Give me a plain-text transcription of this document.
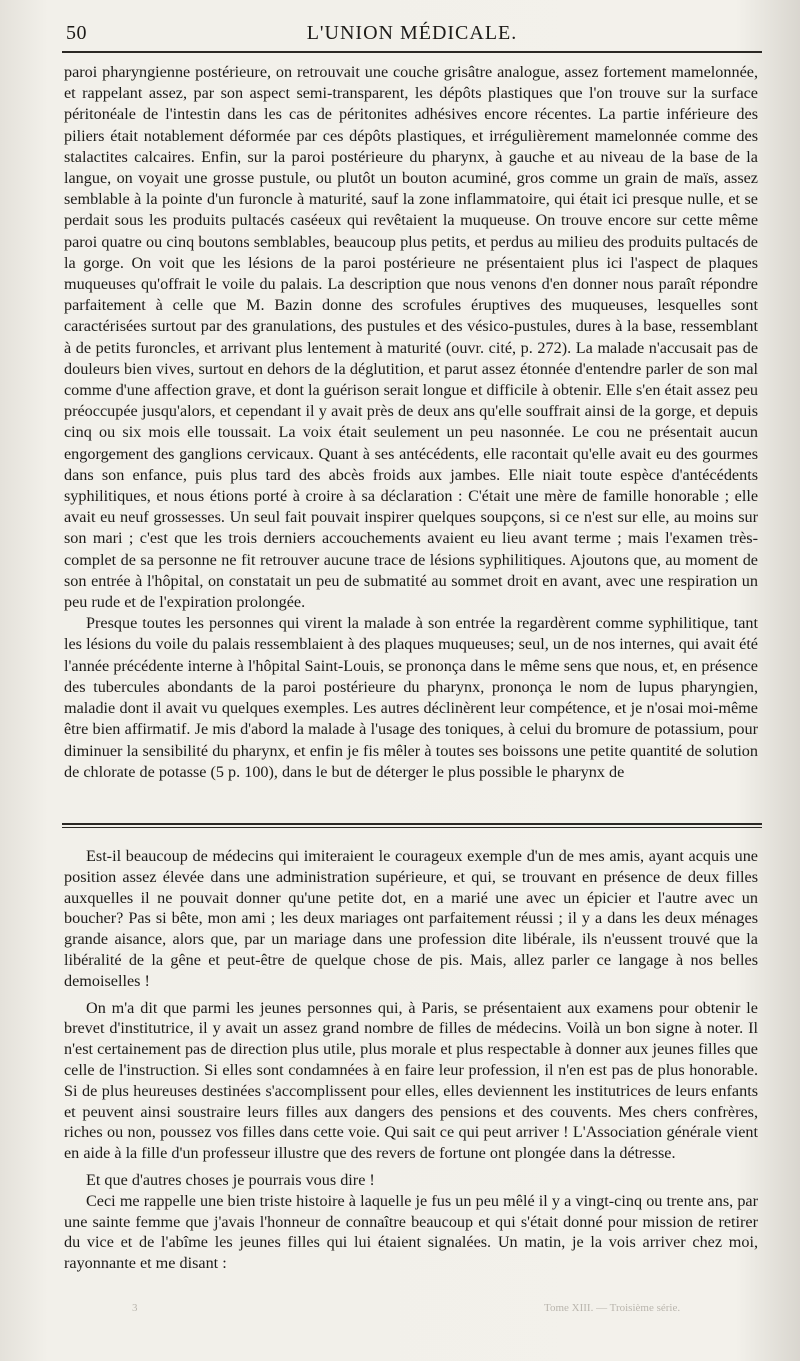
50	L'UNION MÉDICALE.

paroi pharyngienne postérieure, on retrouvait une couche grisâtre analogue, assez fortement mamelonnée, et rappelant assez, par son aspect semi-transparent, les dépôts plastiques que l'on trouve sur la surface péritonéale de l'intestin dans les cas de péritonites adhésives encore récentes. La partie inférieure des piliers était notablement déformée par ces dépôts plastiques, et irrégulièrement mamelonnée comme des stalactites calcaires. Enfin, sur la paroi postérieure du pharynx, à gauche et au niveau de la base de la langue, on voyait une grosse pustule, ou plutôt un bouton acuminé, gros comme un grain de maïs, assez semblable à la pointe d'un furoncle à maturité, sauf la zone inflammatoire, qui était ici presque nulle, et se perdait sous les produits pultacés caséeux qui revêtaient la muqueuse. On trouve encore sur cette même paroi quatre ou cinq boutons semblables, beaucoup plus petits, et perdus au milieu des produits pultacés de la gorge. On voit que les lésions de la paroi postérieure ne présentaient plus ici l'aspect de plaques muqueuses qu'offrait le voile du palais. La description que nous venons d'en donner nous paraît répondre parfaitement à celle que M. Bazin donne des scrofules éruptives des muqueuses, lesquelles sont caractérisées surtout par des granulations, des pustules et des vésico-pustules, dures à la base, ressemblant à de petits furoncles, et arrivant plus lentement à maturité (ouvr. cité, p. 272). La malade n'accusait pas de douleurs bien vives, surtout en dehors de la déglutition, et parut assez étonnée d'entendre parler de son mal comme d'une affection grave, et dont la guérison serait longue et difficile à obtenir. Elle s'en était assez peu préoccupée jusqu'alors, et cependant il y avait près de deux ans qu'elle souffrait ainsi de la gorge, et depuis cinq ou six mois elle toussait. La voix était seulement un peu nasonnée. Le cou ne présentait aucun engorgement des ganglions cervicaux. Quant à ses antécédents, elle racontait qu'elle avait eu des gourmes dans son enfance, puis plus tard des abcès froids aux jambes. Elle niait toute espèce d'antécédents syphilitiques, et nous étions porté à croire à sa déclaration : C'était une mère de famille honorable ; elle avait eu neuf grossesses. Un seul fait pouvait inspirer quelques soupçons, si ce n'est sur elle, au moins sur son mari ; c'est que les trois derniers accouchements avaient eu lieu avant terme ; mais l'examen très-complet de sa personne ne fit retrouver aucune trace de lésions syphilitiques. Ajoutons que, au moment de son entrée à l'hôpital, on constatait un peu de submatité au sommet droit en avant, avec une respiration un peu rude et de l'expiration prolongée.

Presque toutes les personnes qui virent la malade à son entrée la regardèrent comme syphilitique, tant les lésions du voile du palais ressemblaient à des plaques muqueuses; seul, un de nos internes, qui avait été l'année précédente interne à l'hôpital Saint-Louis, se prononça dans le même sens que nous, et, en présence des tubercules abondants de la paroi postérieure du pharynx, prononça le nom de lupus pharyngien, maladie dont il avait vu quelques exemples. Les autres déclinèrent leur compétence, et je n'osai moi-même être bien affirmatif. Je mis d'abord la malade à l'usage des toniques, à celui du bromure de potassium, pour diminuer la sensibilité du pharynx, et enfin je fis mêler à toutes ses boissons une petite quantité de solution de chlorate de potasse (5 p. 100), dans le but de déterger le plus possible le pharynx de

Est-il beaucoup de médecins qui imiteraient le courageux exemple d'un de mes amis, ayant acquis une position assez élevée dans une administration supérieure, et qui, se trouvant en présence de deux filles auxquelles il ne pouvait donner qu'une petite dot, en a marié une avec un épicier et l'autre avec un boucher? Pas si bête, mon ami ; les deux mariages ont parfaitement réussi ; il y a dans les deux ménages grande aisance, alors que, par un mariage dans une profession dite libérale, ils n'eussent trouvé que la libéralité de la gêne et peut-être de quelque chose de pis. Mais, allez parler ce langage à nos belles demoiselles !

On m'a dit que parmi les jeunes personnes qui, à Paris, se présentaient aux examens pour obtenir le brevet d'institutrice, il y avait un assez grand nombre de filles de médecins. Voilà un bon signe à noter. Il n'est certainement pas de direction plus utile, plus morale et plus respectable à donner aux jeunes filles que celle de l'instruction. Si elles sont condamnées à en faire leur profession, il n'en est pas de plus honorable. Si de plus heureuses destinées s'accomplissent pour elles, elles deviennent les institutrices de leurs enfants et peuvent ainsi soustraire leurs filles aux dangers des pensions et des couvents. Mes chers confrères, riches ou non, poussez vos filles dans cette voie. Qui sait ce qui peut arriver ! L'Association générale vient en aide à la fille d'un professeur illustre que des revers de fortune ont plongée dans la détresse.

Et que d'autres choses je pourrais vous dire !

Ceci me rappelle une bien triste histoire à laquelle je fus un peu mêlé il y a vingt-cinq ou trente ans, par une sainte femme que j'avais l'honneur de connaître beaucoup et qui s'était donné pour mission de retirer du vice et de l'abîme les jeunes filles qui lui étaient signalées. Un matin, je la vois arriver chez moi, rayonnante et me disant :

3	Tome XIII. — Troisième série.
